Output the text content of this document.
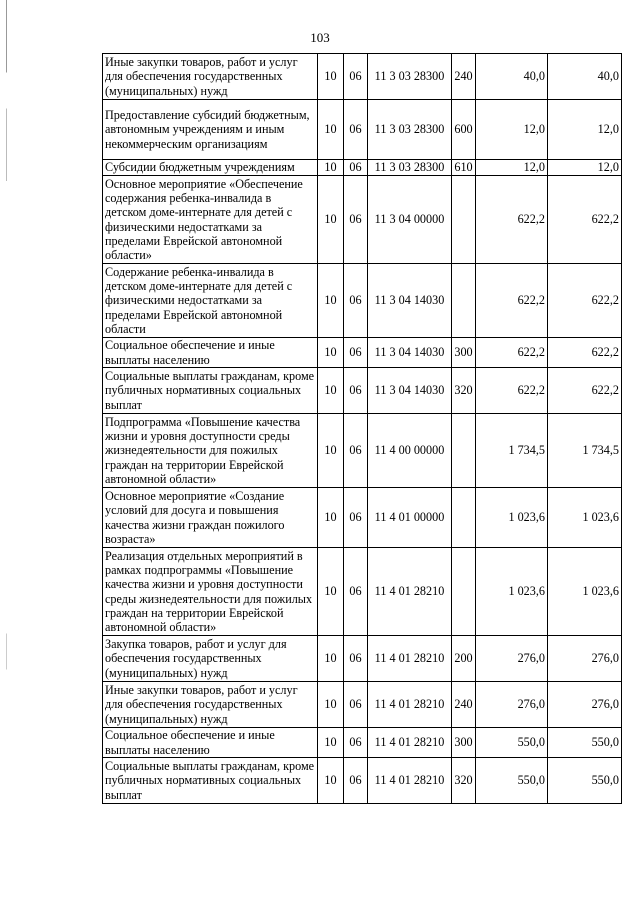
103
Иные закупки товаров, работ и услуг для обеспечения государственных (муниципальных) нужд	10	06	11 3 03 28300	240	40,0	40,0
Предоставление субсидий бюджетным, автономным учреждениям и иным некоммерческим организациям	10	06	11 3 03 28300	600	12,0	12,0
Субсидии бюджетным учреждениям	10	06	11 3 03 28300	610	12,0	12,0
Основное мероприятие «Обеспечение содержания ребенка-инвалида в детском доме-интернате для детей с физическими недостатками за пределами Еврейской автономной области»	10	06	11 3 04 00000		622,2	622,2
Содержание ребенка-инвалида в детском доме-интернате для детей с физическими недостатками за пределами Еврейской автономной области	10	06	11 3 04 14030		622,2	622,2
Социальное обеспечение и иные выплаты населению	10	06	11 3 04 14030	300	622,2	622,2
Социальные выплаты гражданам, кроме публичных нормативных социальных выплат	10	06	11 3 04 14030	320	622,2	622,2
Подпрограмма «Повышение качества жизни и уровня доступности среды жизнедеятельности для пожилых граждан на территории Еврейской автономной области»	10	06	11 4 00 00000		1 734,5	1 734,5
Основное мероприятие «Создание условий для досуга и повышения качества жизни граждан пожилого возраста»	10	06	11 4 01 00000		1 023,6	1 023,6
Реализация отдельных мероприятий в рамках подпрограммы «Повышение качества жизни и уровня доступности среды жизнедеятельности для пожилых граждан на территории Еврейской автономной области»	10	06	11 4 01 28210		1 023,6	1 023,6
Закупка товаров, работ и услуг для обеспечения государственных (муниципальных) нужд	10	06	11 4 01 28210	200	276,0	276,0
Иные закупки товаров, работ и услуг для обеспечения государственных (муниципальных) нужд	10	06	11 4 01 28210	240	276,0	276,0
Социальное обеспечение и иные выплаты населению	10	06	11 4 01 28210	300	550,0	550,0
Социальные выплаты гражданам, кроме публичных нормативных социальных выплат	10	06	11 4 01 28210	320	550,0	550,0
